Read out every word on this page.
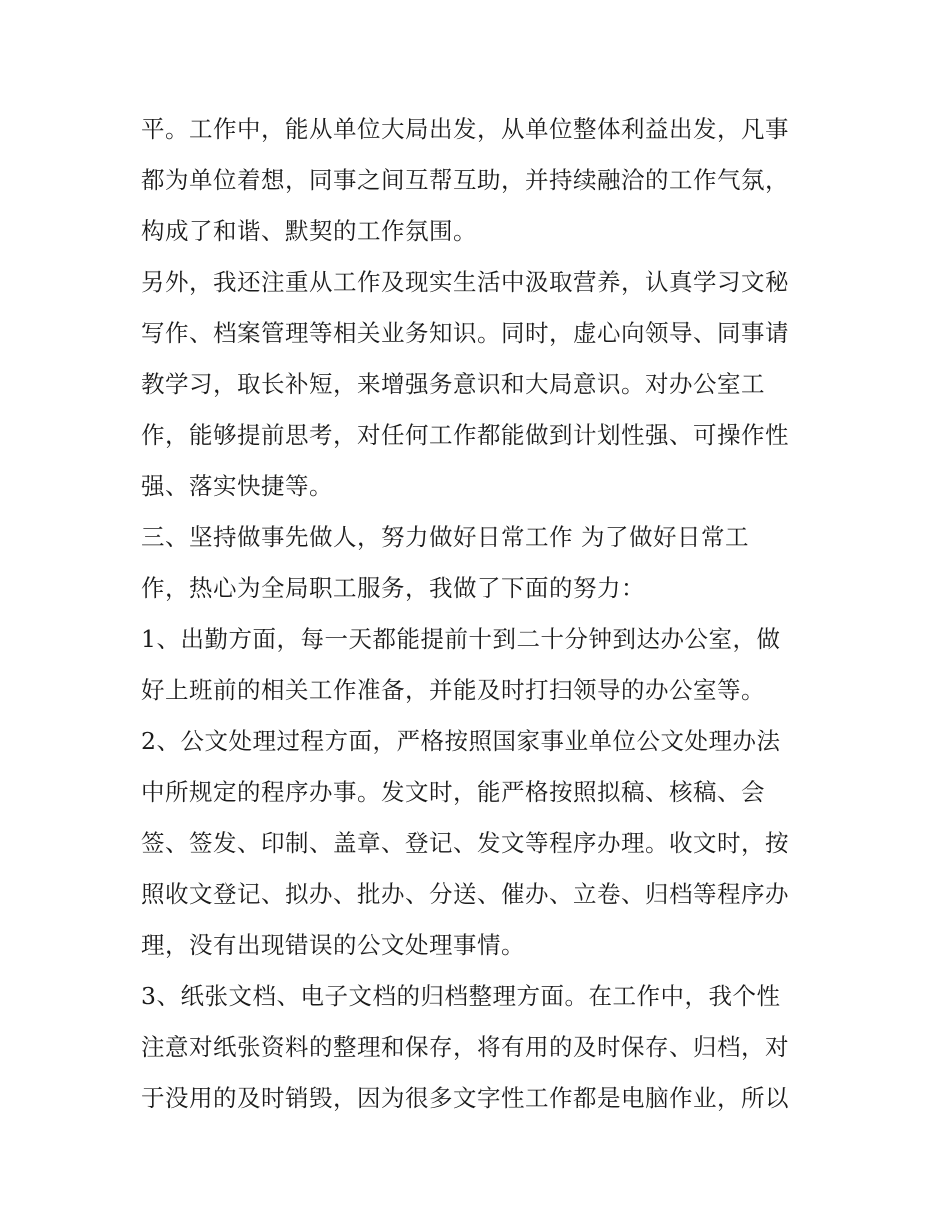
平。工作中，能从单位大局出发，从单位整体利益出发，凡事
都为单位着想，同事之间互帮互助，并持续融洽的工作气氛，
构成了和谐、默契的工作氛围。
另外，我还注重从工作及现实生活中汲取营养，认真学习文秘
写作、档案管理等相关业务知识。同时，虚心向领导、同事请
教学习，取长补短，来增强务意识和大局意识。对办公室工
作，能够提前思考，对任何工作都能做到计划性强、可操作性
强、落实快捷等。
三、坚持做事先做人，努力做好日常工作 为了做好日常工
作，热心为全局职工服务，我做了下面的努力：
1、出勤方面，每一天都能提前十到二十分钟到达办公室，做
好上班前的相关工作准备，并能及时打扫领导的办公室等。
2、公文处理过程方面，严格按照国家事业单位公文处理办法
中所规定的程序办事。发文时，能严格按照拟稿、核稿、会
签、签发、印制、盖章、登记、发文等程序办理。收文时，按
照收文登记、拟办、批办、分送、催办、立卷、归档等程序办
理，没有出现错误的公文处理事情。
3、纸张文档、电子文档的归档整理方面。在工作中，我个性
注意对纸张资料的整理和保存，将有用的及时保存、归档，对
于没用的及时销毁，因为很多文字性工作都是电脑作业，所以
